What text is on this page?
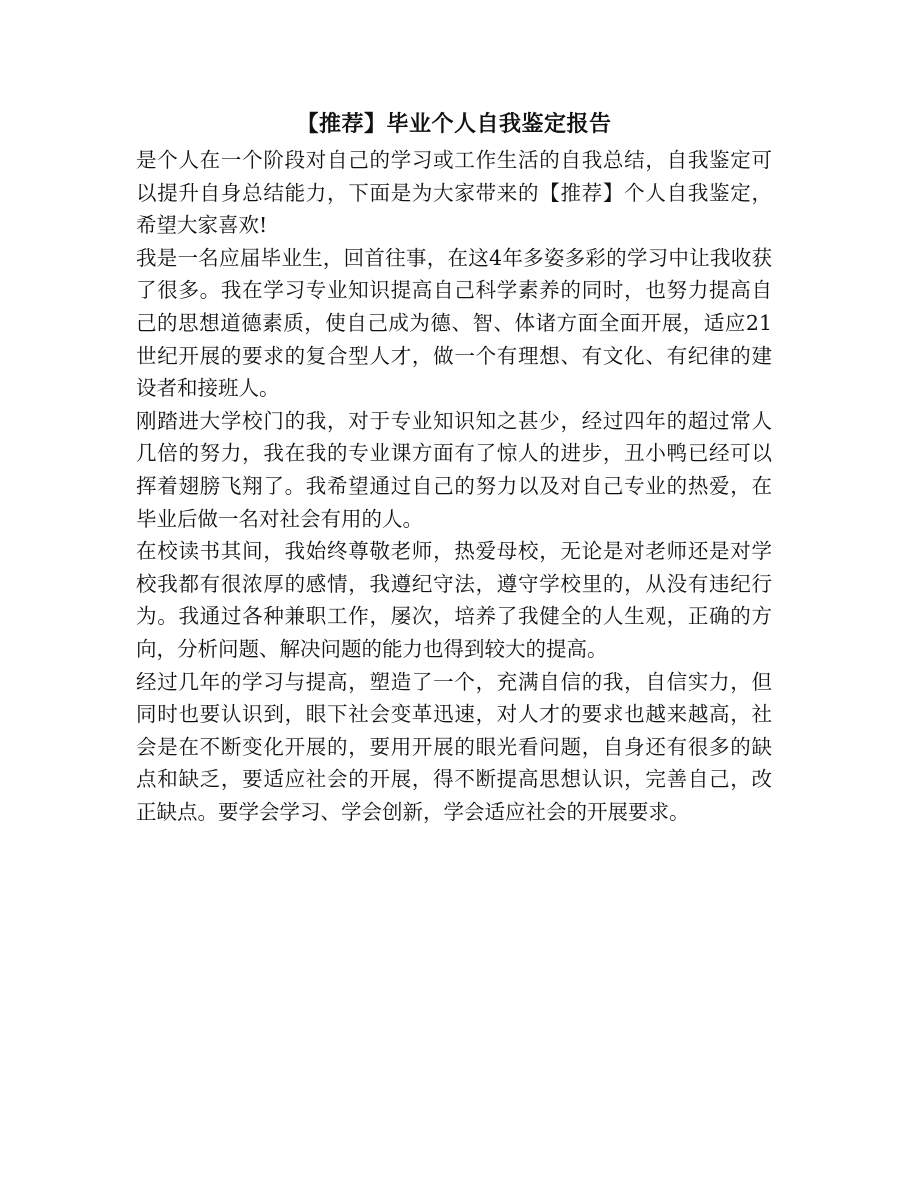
【推荐】毕业个人自我鉴定报告

是个人在一个阶段对自己的学习或工作生活的自我总结，自我鉴定可
以提升自身总结能力，下面是为大家带来的【推荐】个人自我鉴定，
希望大家喜欢!

我是一名应届毕业生，回首往事，在这4年多姿多彩的学习中让我收获
了很多。我在学习专业知识提高自己科学素养的同时，也努力提高自
己的思想道德素质，使自己成为德、智、体诸方面全面开展，适应21
世纪开展的要求的复合型人才，做一个有理想、有文化、有纪律的建
设者和接班人。

刚踏进大学校门的我，对于专业知识知之甚少，经过四年的超过常人
几倍的努力，我在我的专业课方面有了惊人的进步，丑小鸭已经可以
挥着翅膀飞翔了。我希望通过自己的努力以及对自己专业的热爱，在
毕业后做一名对社会有用的人。

在校读书其间，我始终尊敬老师，热爱母校，无论是对老师还是对学
校我都有很浓厚的感情，我遵纪守法，遵守学校里的，从没有违纪行
为。我通过各种兼职工作，屡次，培养了我健全的人生观，正确的方
向，分析问题、解决问题的能力也得到较大的提高。

经过几年的学习与提高，塑造了一个，充满自信的我，自信实力，但
同时也要认识到，眼下社会变革迅速，对人才的要求也越来越高，社
会是在不断变化开展的，要用开展的眼光看问题，自身还有很多的缺
点和缺乏，要适应社会的开展，得不断提高思想认识，完善自己，改
正缺点。要学会学习、学会创新，学会适应社会的开展要求。
